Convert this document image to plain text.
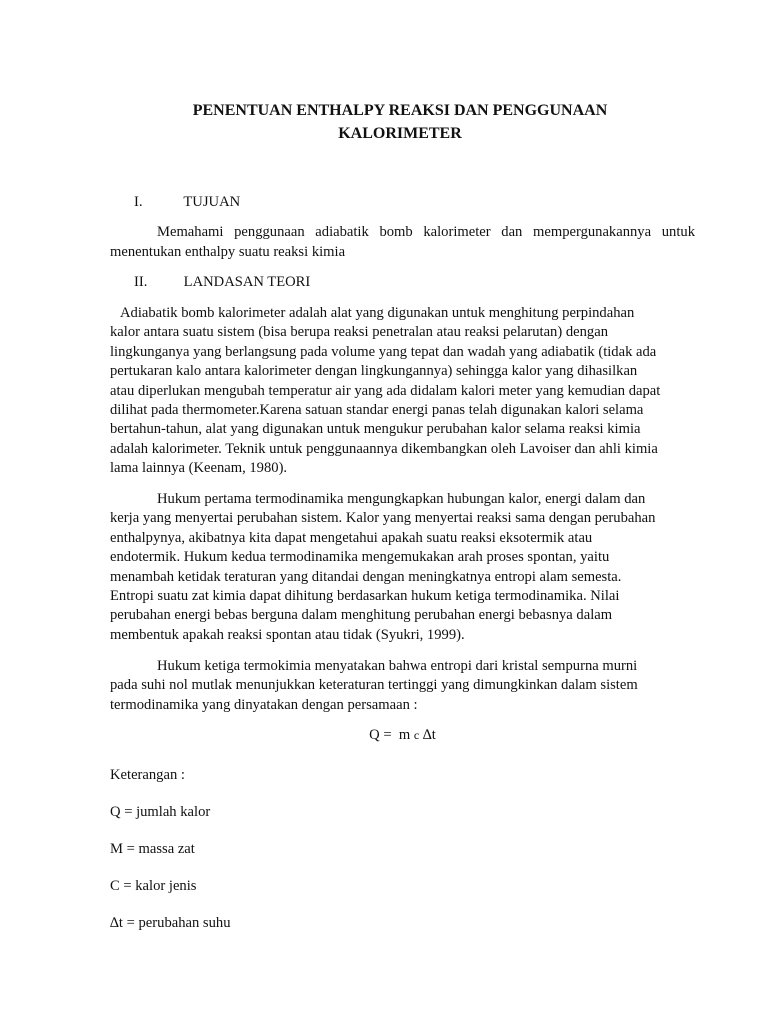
PENENTUAN ENTHALPY REAKSI DAN PENGGUNAAN
KALORIMETER
I.	TUJUAN
Memahami penggunaan adiabatik bomb kalorimeter dan mempergunakannya untuk menentukan enthalpy suatu reaksi kimia
II. LANDASAN TEORI
Adiabatik bomb kalorimeter adalah alat yang digunakan untuk menghitung perpindahan
kalor antara suatu sistem (bisa berupa reaksi penetralan atau reaksi pelarutan) dengan
lingkunganya yang berlangsung pada volume yang tepat dan wadah yang adiabatik (tidak ada
pertukaran kalo antara kalorimeter dengan lingkungannya) sehingga kalor yang dihasilkan
atau diperlukan mengubah temperatur air yang ada didalam kalori meter yang kemudian dapat
dilihat pada thermometer.Karena satuan standar energi panas telah digunakan kalori selama
bertahun-tahun, alat yang digunakan untuk mengukur perubahan kalor selama reaksi kimia
adalah kalorimeter. Teknik untuk penggunaannya dikembangkan oleh Lavoiser dan ahli kimia
lama lainnya (Keenam, 1980).
Hukum pertama termodinamika mengungkapkan hubungan kalor, energi dalam dan
kerja yang menyertai perubahan sistem. Kalor yang menyertai reaksi sama dengan perubahan
enthalpynya, akibatnya kita dapat mengetahui apakah suatu reaksi eksotermik atau
endotermik. Hukum kedua termodinamika mengemukakan arah proses spontan, yaitu
menambah ketidak teraturan yang ditandai dengan meningkatnya entropi alam semesta.
Entropi suatu zat kimia dapat dihitung berdasarkan hukum ketiga termodinamika. Nilai
perubahan energi bebas berguna dalam menghitung perubahan energi bebasnya dalam
membentuk apakah reaksi spontan atau tidak (Syukri, 1999).
Hukum ketiga termokimia menyatakan bahwa entropi dari kristal sempurna murni
pada suhi nol mutlak menunjukkan keteraturan tertinggi yang dimungkinkan dalam sistem
termodinamika yang dinyatakan dengan persamaan :
Q = m c ∆t
Keterangan :
Q = jumlah kalor
M = massa zat
C = kalor jenis
∆t = perubahan suhu
